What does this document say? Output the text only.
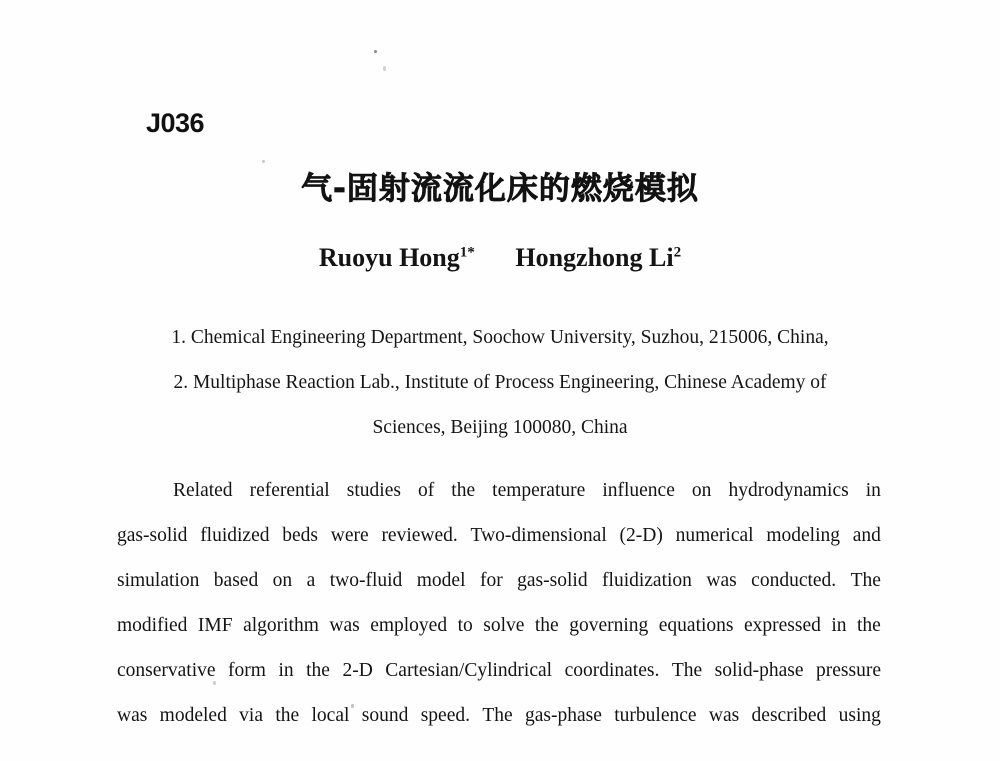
J036
气-固射流流化床的燃烧模拟
Ruoyu Hong$^{1*}$ Hongzhong Li$^2$
1. Chemical Engineering Department, Soochow University, Suzhou, 215006, China,
2. Multiphase Reaction Lab., Institute of Process Engineering, Chinese Academy of
Sciences, Beijing 100080, China
Related referential studies of the temperature influence on hydrodynamics in
gas-solid fluidized beds were reviewed. Two-dimensional (2-D) numerical modeling and
simulation based on a two-fluid model for gas-solid fluidization was conducted. The
modified IMF algorithm was employed to solve the governing equations expressed in the
conservative form in the 2-D Cartesian/Cylindrical coordinates. The solid-phase pressure
was modeled via the local sound speed. The gas-phase turbulence was described using
